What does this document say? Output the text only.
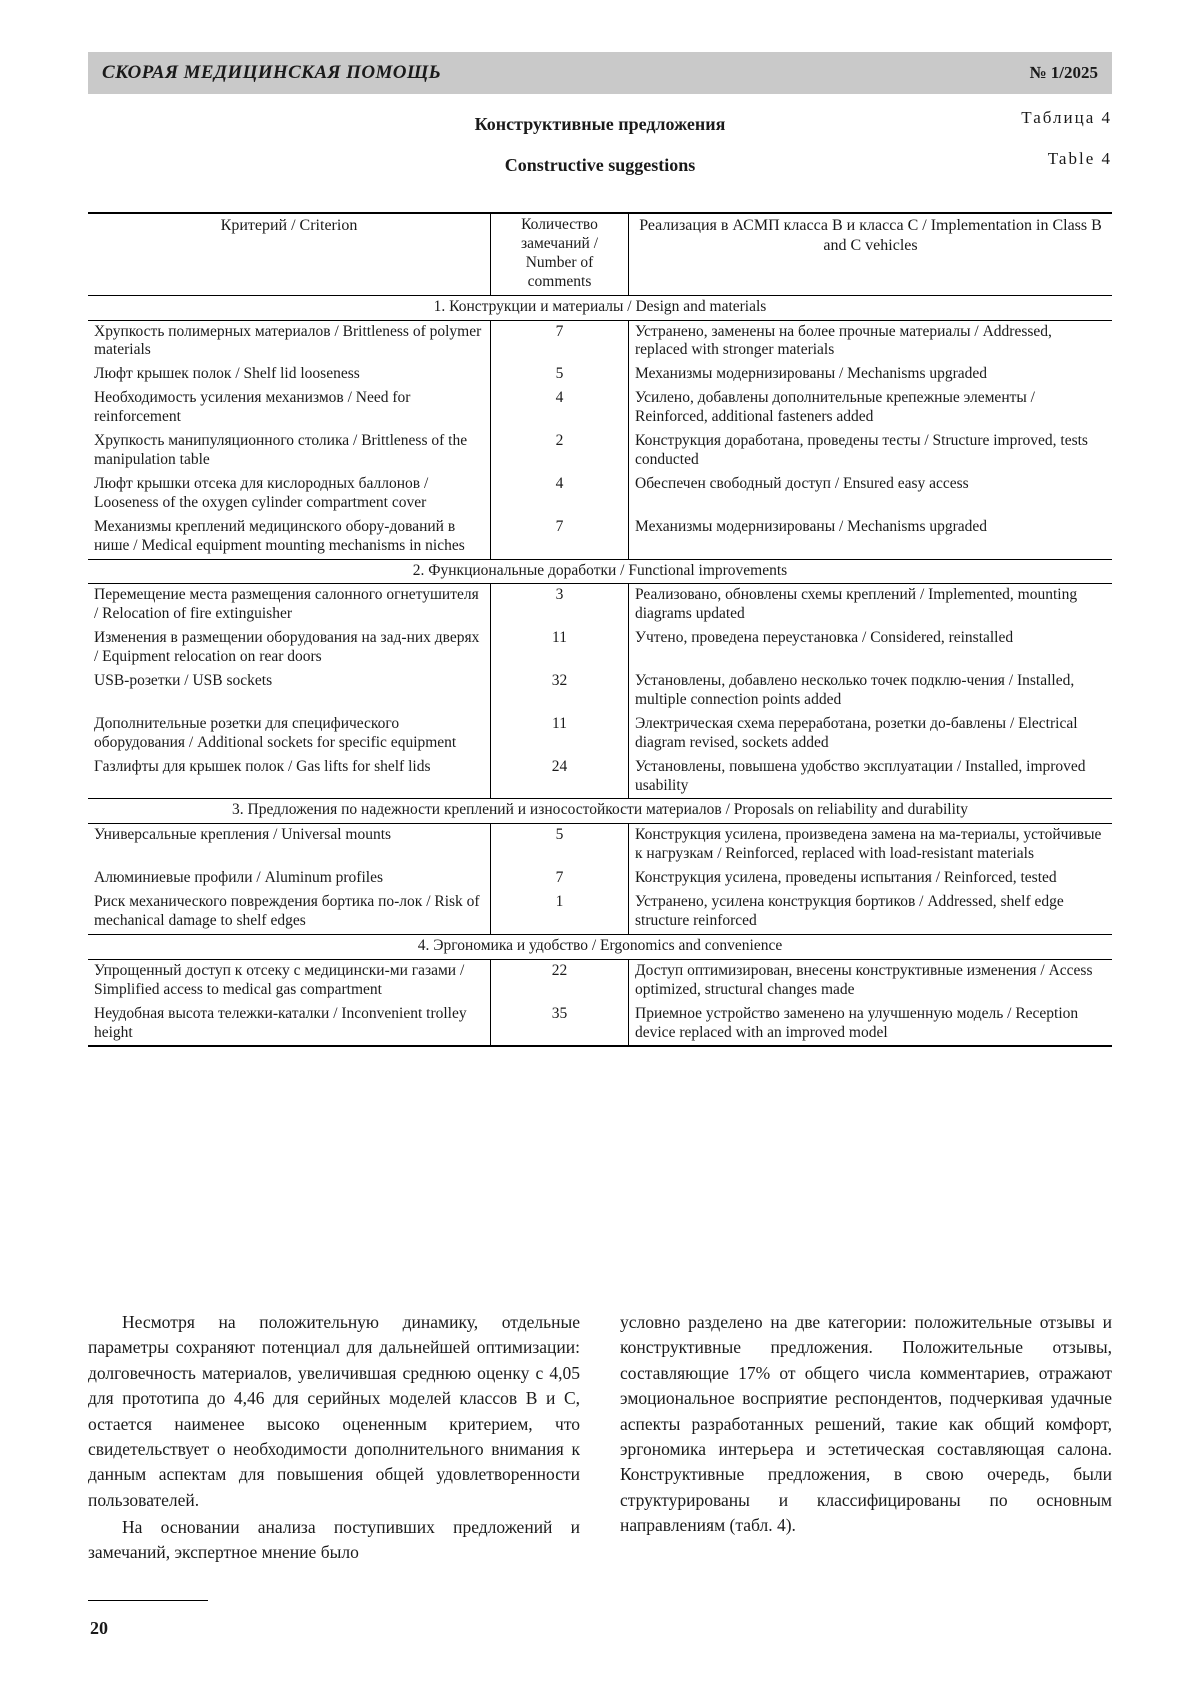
СКОРАЯ МЕДИЦИНСКАЯ ПОМОЩЬ	№ 1/2025
Таблица 4
Конструктивные предложения
Table 4
Constructive suggestions
Критерий / Criterion	Количество замечаний / Number of comments	Реализация в АСМП класса B и класса C / Implementation in Class B and C vehicles
1. Конструкции и материалы / Design and materials		
Хрупкость полимерных материалов / Brittleness of polymer materials	7	Устранено, заменены на более прочные материалы / Addressed, replaced with stronger materials
Люфт крышек полок / Shelf lid looseness	5	Механизмы модернизированы / Mechanisms upgraded
Необходимость усиления механизмов / Need for reinforcement	4	Усилено, добавлены дополнительные крепежные элементы / Reinforced, additional fasteners added
Хрупкость манипуляционного столика / Brittleness of the manipulation table	2	Конструкция доработана, проведены тесты / Structure improved, tests conducted
Люфт крышки отсека для кислородных баллонов / Looseness of the oxygen cylinder compartment cover	4	Обеспечен свободный доступ / Ensured easy access
Механизмы креплений медицинского обору-дований в нише / Medical equipment mounting mechanisms in niches	7	Механизмы модернизированы / Mechanisms upgraded
2. Функциональные доработки / Functional improvements		
Перемещение места размещения салонного огнетушителя / Relocation of fire extinguisher	3	Реализовано, обновлены схемы креплений / Implemented, mounting diagrams updated
Изменения в размещении оборудования на зад-них дверях / Equipment relocation on rear doors	11	Учтено, проведена переустановка / Considered, reinstalled
USB-розетки / USB sockets	32	Установлены, добавлено несколько точек подклю-чения / Installed, multiple connection points added
Дополнительные розетки для специфического оборудования / Additional sockets for specific equipment	11	Электрическая схема переработана, розетки до-бавлены / Electrical diagram revised, sockets added
Газлифты для крышек полок / Gas lifts for shelf lids	24	Установлены, повышена удобство эксплуатации / Installed, improved usability
3. Предложения по надежности креплений и износостойкости материалов / Proposals on reliability and durability		
Универсальные крепления / Universal mounts	5	Конструкция усилена, произведена замена на ма-териалы, устойчивые к нагрузкам / Reinforced, replaced with load-resistant materials
Алюминиевые профили / Aluminum profiles	7	Конструкция усилена, проведены испытания / Reinforced, tested
Риск механического повреждения бортика по-лок / Risk of mechanical damage to shelf edges	1	Устранено, усилена конструкция бортиков / Addressed, shelf edge structure reinforced
4. Эргономика и удобство / Ergonomics and convenience		
Упрощенный доступ к отсеку с медицински-ми газами / Simplified access to medical gas compartment	22	Доступ оптимизирован, внесены конструктивные изменения / Access optimized, structural changes made
Неудобная высота тележки-каталки / Inconvenient trolley height	35	Приемное устройство заменено на улучшенную модель / Reception device replaced with an improved model

Несмотря на положительную динамику, отдельные параметры сохраняют потенциал для дальнейшей оптимизации: долговечность материалов, увеличившая среднюю оценку с 4,05 для прототипа до 4,46 для серийных моделей классов B и C, остается наименее высоко оцененным критерием, что свидетельствует о необходимости дополнительного внимания к данным аспектам для повышения общей удовлетворенности пользователей.

На основании анализа поступивших предложений и замечаний, экспертное мнение было

условно разделено на две категории: положительные отзывы и конструктивные предложения. Положительные отзывы, составляющие 17% от общего числа комментариев, отражают эмоциональное восприятие респондентов, подчеркивая удачные аспекты разработанных решений, такие как общий комфорт, эргономика интерьера и эстетическая составляющая салона. Конструктивные предложения, в свою очередь, были структурированы и классифицированы по основным направлениям (табл. 4).

20
